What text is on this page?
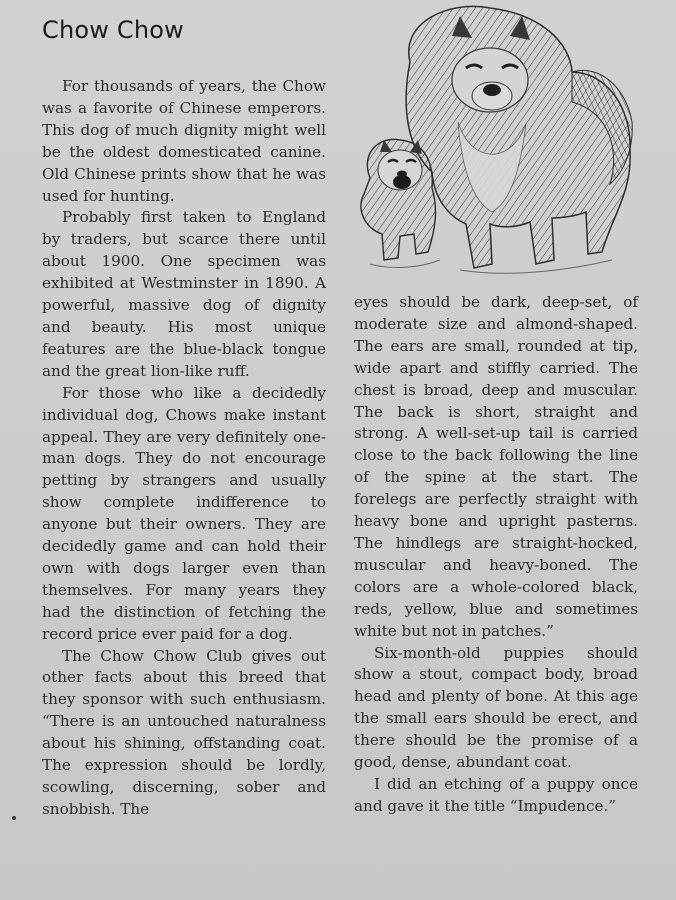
Chow Chow

For thousands of years, the Chow was a favorite of Chinese emperors. This dog of much dignity might well be the oldest domesticated canine. Old Chinese prints show that he was used for hunting.

Probably first taken to England by traders, but scarce there until about 1900. One specimen was exhibited at Westminster in 1890. A powerful, massive dog of dignity and beauty. His most unique features are the blue-black tongue and the great lion-like ruff.

For those who like a decidedly individual dog, Chows make instant appeal. They are very definitely one-man dogs. They do not encourage petting by strangers and usually show complete indifference to anyone but their owners. They are decidedly game and can hold their own with dogs larger even than themselves. For many years they had the distinction of fetching the record price ever paid for a dog.

The Chow Chow Club gives out other facts about this breed that they sponsor with such enthusiasm. “There is an untouched naturalness about his shining, offstanding coat. The expression should be lordly, scowling, discerning, sober and snobbish. The

eyes should be dark, deep-set, of moderate size and almond-shaped. The ears are small, rounded at tip, wide apart and stiffly carried. The chest is broad, deep and muscular. The back is short, straight and strong. A well-set-up tail is carried close to the back following the line of the spine at the start. The forelegs are perfectly straight with heavy bone and upright pasterns. The hindlegs are straight-hocked, muscular and heavy-boned. The colors are a whole-colored black, reds, yellow, blue and sometimes white but not in patches.”

Six-month-old puppies should show a stout, compact body, broad head and plenty of bone. At this age the small ears should be erect, and there should be the promise of a good, dense, abundant coat.

I did an etching of a puppy once and gave it the title “Impudence.”
